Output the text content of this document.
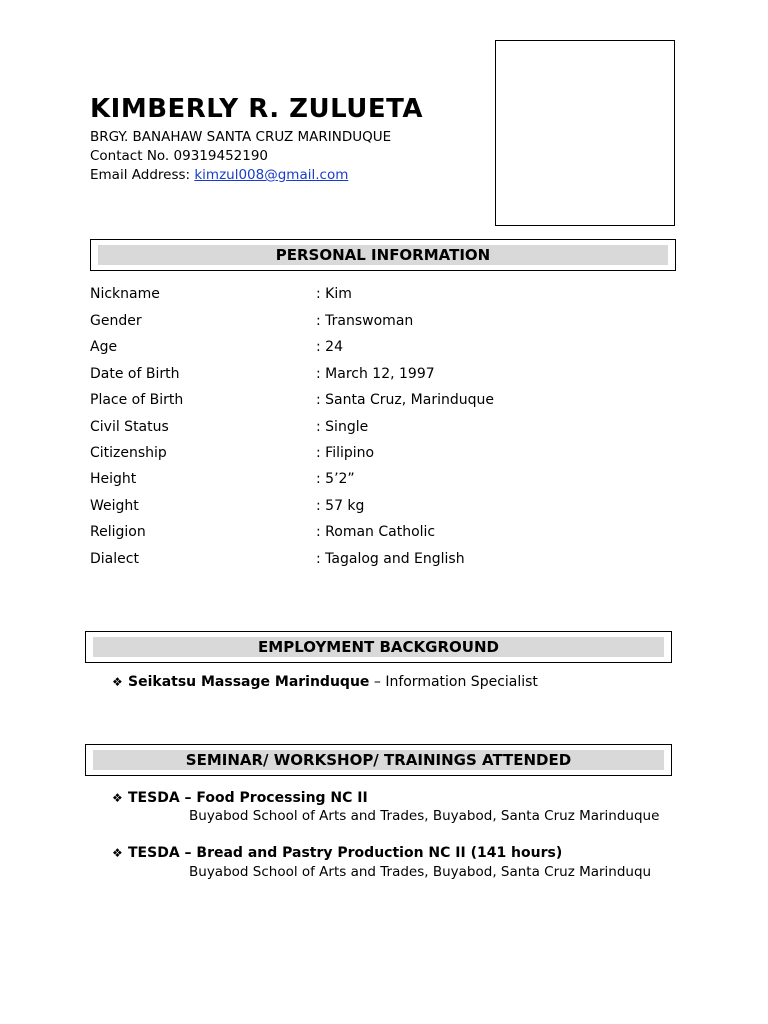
KIMBERLY R. ZULUETA
BRGY. BANAHAW SANTA CRUZ MARINDUQUE
Contact No. 09319452190
Email Address: kimzul008@gmail.com
PERSONAL INFORMATION
Nickname	: Kim
Gender	: Transwoman
Age	: 24
Date of Birth	: March 12, 1997
Place of Birth	: Santa Cruz, Marinduque
Civil Status	: Single
Citizenship	: Filipino
Height	: 5’2”
Weight	: 57 kg
Religion	: Roman Catholic
Dialect	: Tagalog and English
EMPLOYMENT BACKGROUND
❖ Seikatsu Massage Marinduque – Information Specialist
SEMINAR/ WORKSHOP/ TRAININGS ATTENDED
❖ TESDA – Food Processing NC II
Buyabod School of Arts and Trades, Buyabod, Santa Cruz Marinduque
❖ TESDA – Bread and Pastry Production NC II (141 hours)
Buyabod School of Arts and Trades, Buyabod, Santa Cruz Marinduqu
